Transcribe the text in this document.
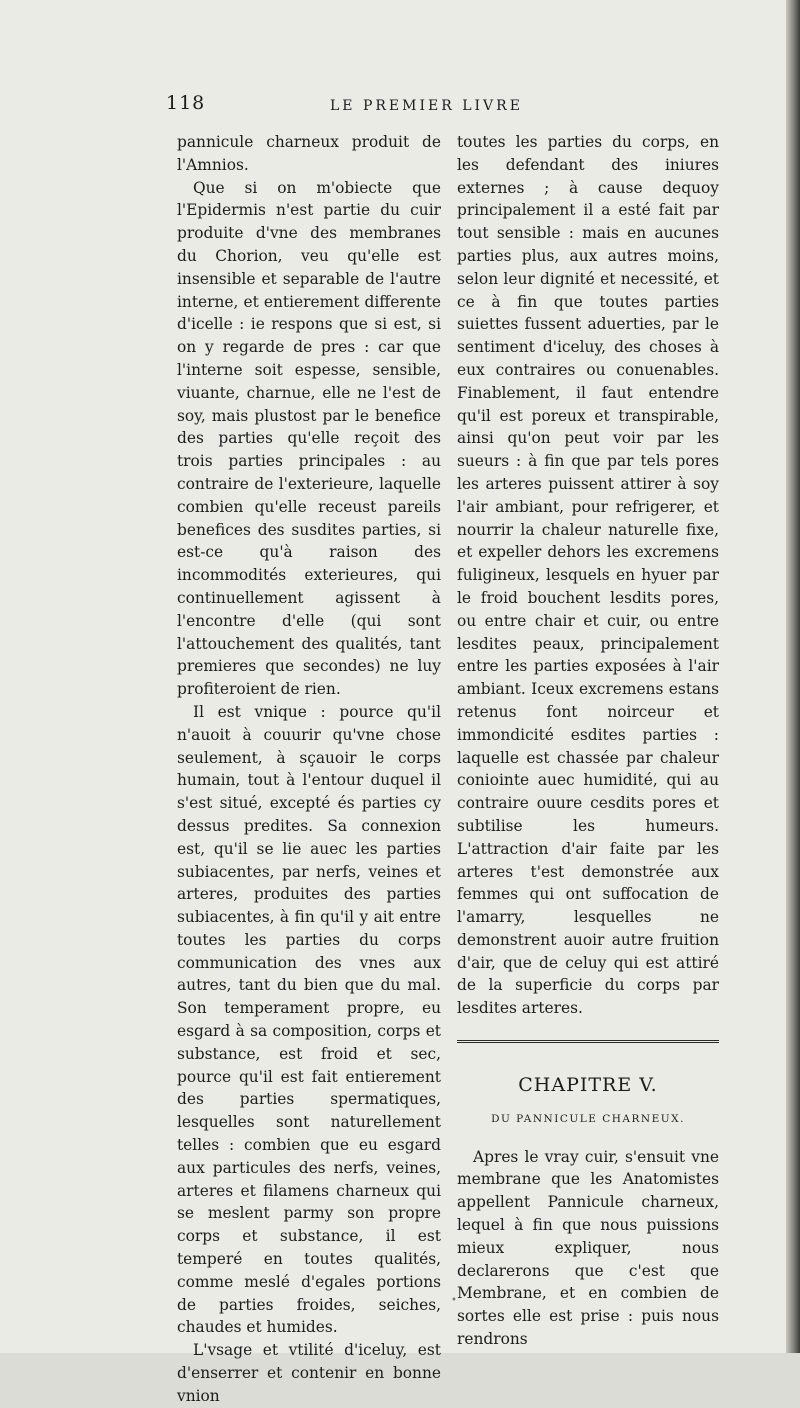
118	LE PREMIER LIVRE

pannicule charneux produit de l'Amnios.

Que si on m'obiecte que l'Epidermis n'est partie du cuir produite d'vne des membranes du Chorion, veu qu'elle est insensible et separable de l'autre interne, et entierement differente d'icelle : ie respons que si est, si on y regarde de pres : car que l'interne soit espesse, sensible, viuante, charnue, elle ne l'est de soy, mais plustost par le benefice des parties qu'elle reçoit des trois parties principales : au contraire de l'exterieure, laquelle combien qu'elle receust pareils benefices des susdites parties, si est-ce qu'à raison des incommodités exterieures, qui continuellement agissent à l'encontre d'elle (qui sont l'attouchement des qualités, tant premieres que secondes) ne luy profiteroient de rien.

Il est vnique : pource qu'il n'auoit à couurir qu'vne chose seulement, à sçauoir le corps humain, tout à l'entour duquel il s'est situé, excepté és parties cy dessus predites. Sa connexion est, qu'il se lie auec les parties subiacentes, par nerfs, veines et arteres, produites des parties subiacentes, à fin qu'il y ait entre toutes les parties du corps communication des vnes aux autres, tant du bien que du mal. Son temperament propre, eu esgard à sa composition, corps et substance, est froid et sec, pource qu'il est fait entierement des parties spermatiques, lesquelles sont naturellement telles : combien que eu esgard aux particules des nerfs, veines, arteres et filamens charneux qui se meslent parmy son propre corps et substance, il est temperé en toutes qualités, comme meslé d'egales portions de parties froides, seiches, chaudes et humides.

L'vsage et vtilité d'iceluy, est d'enserrer et contenir en bonne vnion

toutes les parties du corps, en les defendant des iniures externes ; à cause dequoy principalement il a esté fait par tout sensible : mais en aucunes parties plus, aux autres moins, selon leur dignité et necessité, et ce à fin que toutes parties suiettes fussent aduerties, par le sentiment d'iceluy, des choses à eux contraires ou conuenables. Finablement, il faut entendre qu'il est poreux et transpirable, ainsi qu'on peut voir par les sueurs : à fin que par tels pores les arteres puissent attirer à soy l'air ambiant, pour refrigerer, et nourrir la chaleur naturelle fixe, et expeller dehors les excremens fuligineux, lesquels en hyuer par le froid bouchent lesdits pores, ou entre chair et cuir, ou entre lesdites peaux, principalement entre les parties exposées à l'air ambiant. Iceux excremens estans retenus font noirceur et immondicité esdites parties : laquelle est chassée par chaleur coniointe auec humidité, qui au contraire ouure cesdits pores et subtilise les humeurs. L'attraction d'air faite par les arteres t'est demonstrée aux femmes qui ont suffocation de l'amarry, lesquelles ne demonstrent auoir autre fruition d'air, que de celuy qui est attiré de la superficie du corps par lesdites arteres.

CHAPITRE V.
DU PANNICULE CHARNEUX.

Apres le vray cuir, s'ensuit vne membrane que les Anatomistes appellent Pannicule charneux, lequel à fin que nous puissions mieux expliquer, nous declarerons que c'est que Membrane, et en combien de sortes elle est prise : puis nous rendrons

•
